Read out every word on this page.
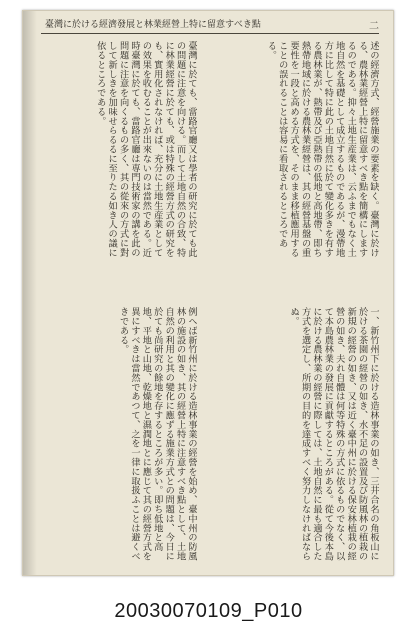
臺灣に於ける經濟發展と林業經營上特に留意すべき點	二

述の經濟方式、經營施業の要素を缺く。臺灣に於ける、農林業經營上特に留意すべき點を簡構にしまするのである。抑々土地生産業は、云ふまでもなく土地自然を基礎として成立するものであるが、漫帶地方に比して特に此の土地自然に於て變化多きを有する農林業が、熱帶及び亞熱帶の低地と高地帶、即ち熱帶地域に於ける農林業經營は、其の經營基盤の重要性を一段と高める方式を、そのまま移植應用することの誤れることは容易に看取されるところである。

臺灣に於ても、當路官廳又は學者の研究に於ても此の問題に注意を向ける。而して土地自然の合致、特に林業經營に於ても、或は特殊の經營方式の研究をも、實用化されなければ、充分に土地生産業としての效果を收むることが出來ないのは當然である。近時臺灣に於ても、當路官廳は専門技術家の講を此の問題に注意を向くるもの多く、其の從來の方式に對して新しきを加味せらるるに至りたる如き人の議に依るところである。

一、新竹州下に於ける造林事業の如き、三井合名の角板山に於ける茶園の經營の如き、水不足の設置及び防風林の植栽の新規の經營の如き、又は近く臺中州に於ける保安林植栽の經營の如き、夫れ自體は何等特殊の方式に依るものでなく、以て本島農林業の發展に貢獻するところがある。從て今後本島に於ける農林業の經營に際しては、土地自然に最も適合した方式を選定し、所期の目的を達成すべく努力しなければならぬ。

例へば新竹州に於ける造林事業の經營を始め、臺中州の防風林の施設の如き、其の經營上特に注意すべき點として、土地自然の利用と其の變化に應ずる施業方式との問題は、今日に於ても尚研究の餘地を存するところが多い。即ち低地と高地、平地と山地、乾燥地と濕潤地とに應じて其の經營方式を異にすべきは當然であつて、之を一律に取扱ふことは避くべきである。

20030070109_P010
